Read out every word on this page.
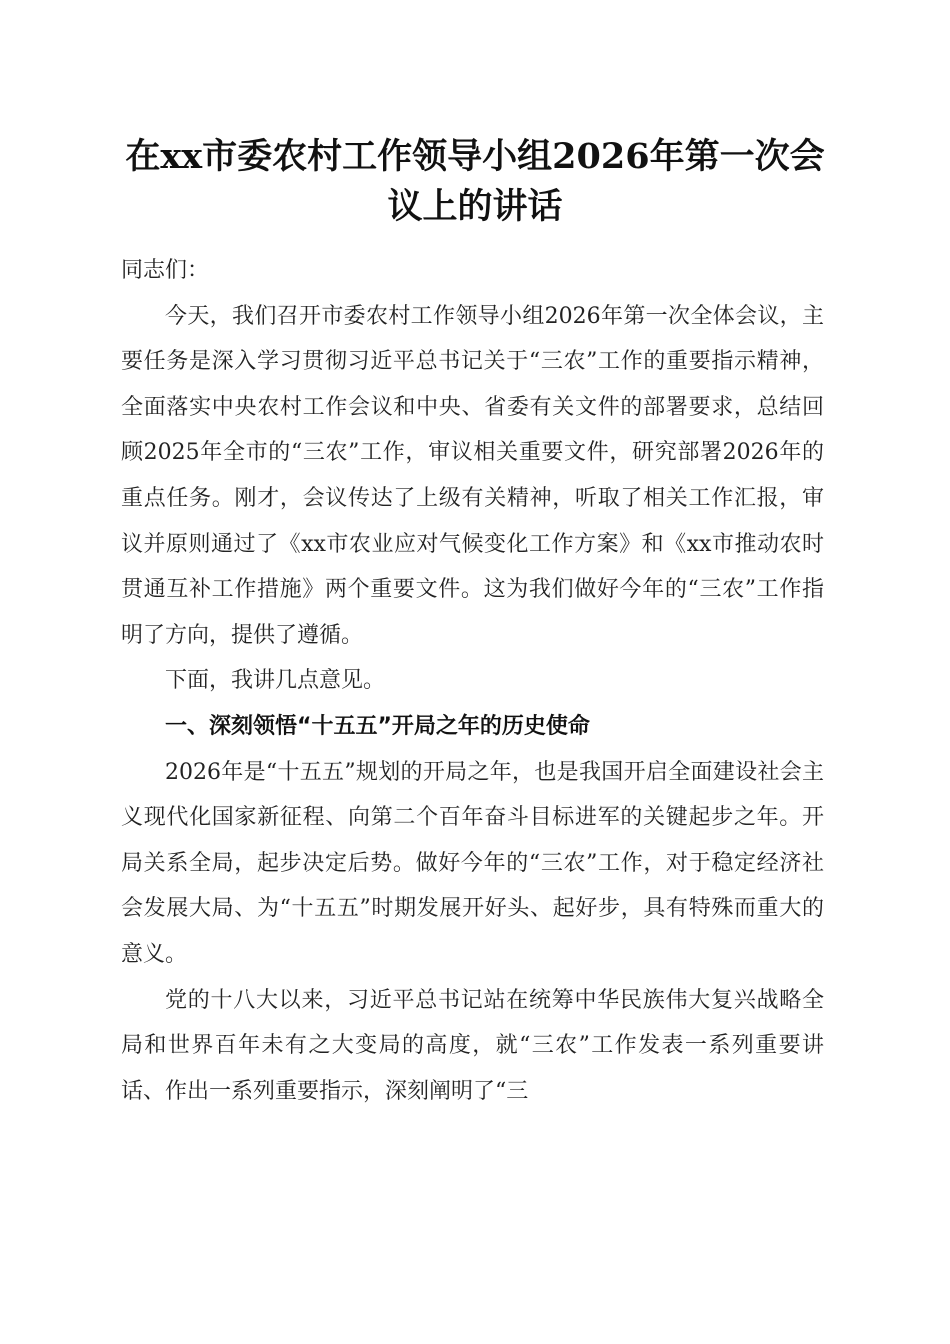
在xx市委农村工作领导小组2026年第一次会议上的讲话

同志们：

今天，我们召开市委农村工作领导小组2026年第一次全体会议，主要任务是深入学习贯彻习近平总书记关于“三农”工作的重要指示精神，全面落实中央农村工作会议和中央、省委有关文件的部署要求，总结回顾2025年全市的“三农”工作，审议相关重要文件，研究部署2026年的重点任务。刚才，会议传达了上级有关精神，听取了相关工作汇报，审议并原则通过了《xx市农业应对气候变化工作方案》和《xx市推动农时贯通互补工作措施》两个重要文件。这为我们做好今年的“三农”工作指明了方向，提供了遵循。

下面，我讲几点意见。

一、深刻领悟“十五五”开局之年的历史使命

2026年是“十五五”规划的开局之年，也是我国开启全面建设社会主义现代化国家新征程、向第二个百年奋斗目标进军的关键起步之年。开局关系全局，起步决定后势。做好今年的“三农”工作，对于稳定经济社会发展大局、为“十五五”时期发展开好头、起好步，具有特殊而重大的意义。

党的十八大以来，习近平总书记站在统筹中华民族伟大复兴战略全局和世界百年未有之大变局的高度，就“三农”工作发表一系列重要讲话、作出一系列重要指示，深刻阐明了“三
